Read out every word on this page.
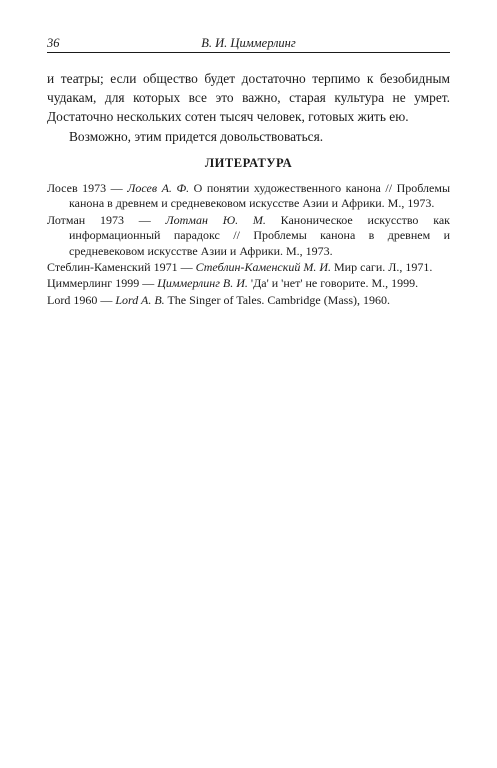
36	В. И. Циммерлинг

и театры; если общество будет достаточно терпимо к безобидным
чудакам, для которых все это важно, старая культура не умрет.
Достаточно нескольких сотен тысяч человек, готовых жить ею.

Возможно, этим придется довольствоваться.

ЛИТЕРАТУРА

Лосев 1973 — Лосев А. Ф. О понятии художественного канона // Проблемы канона в древнем и средневековом искусстве Азии и Африки. М., 1973.

Лотман 1973 — Лотман Ю. М. Каноническое искусство как информационный парадокс // Проблемы канона в древнем и средневековом искусстве Азии и Африки. М., 1973.

Стеблин-Каменский 1971 — Стеблин-Каменский М. И. Мир саги. Л., 1971.

Циммерлинг 1999 — Циммерлинг В. И. 'Да' и 'нет' не говорите. М., 1999.

Lord 1960 — Lord A. B. The Singer of Tales. Cambridge (Mass), 1960.
